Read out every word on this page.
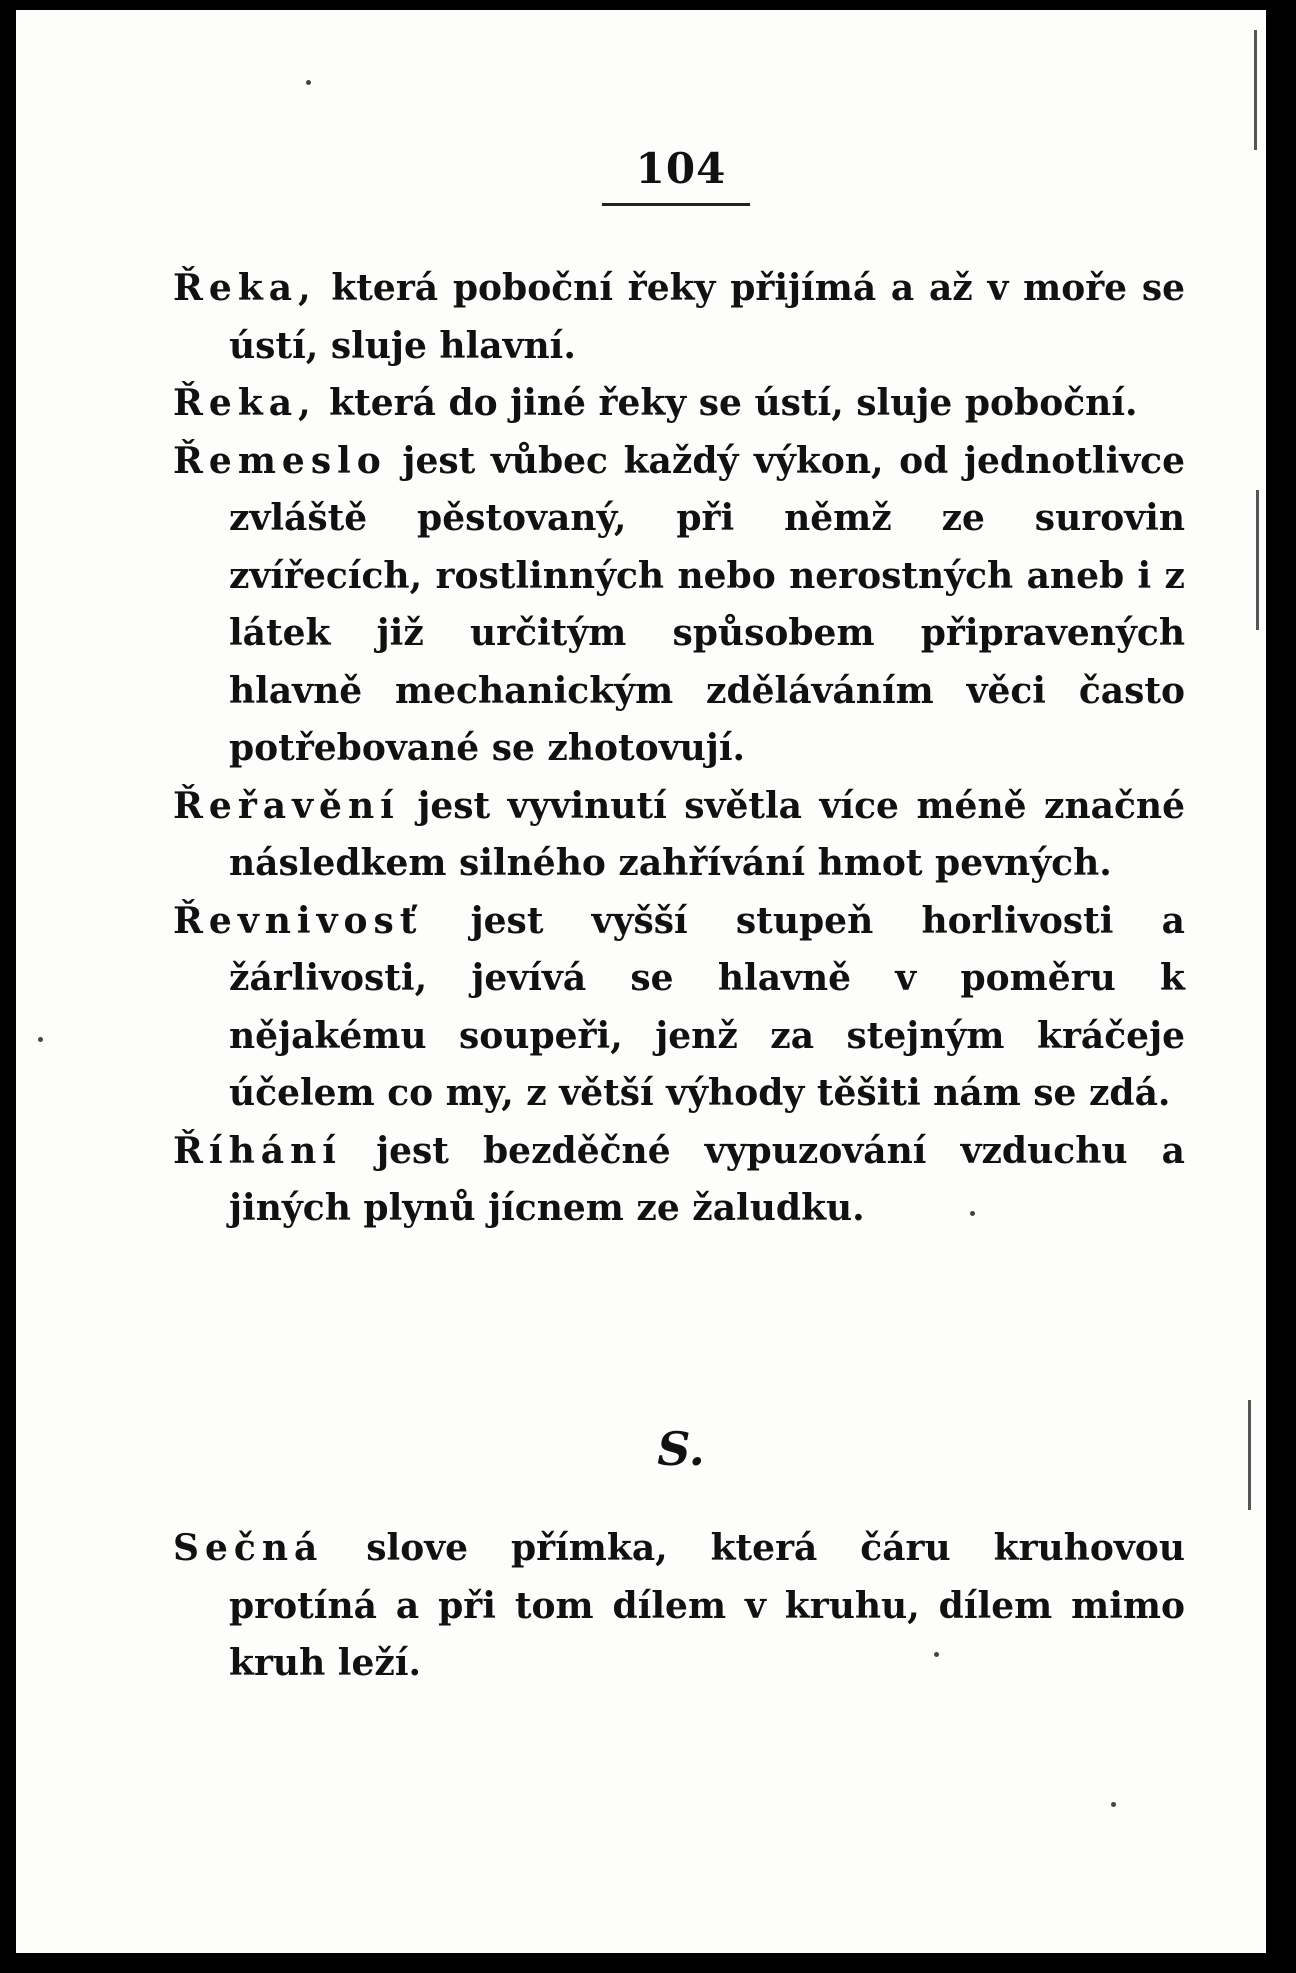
104

Řeka, která poboční řeky přijímá a až v moře se ústí, sluje hlavní.

Řeka, která do jiné řeky se ústí, sluje poboční.

Řemeslo jest vůbec každý výkon, od jednotlivce zvláště pěstovaný, při němž ze surovin zvířecích, rostlinných nebo nerostných aneb i z látek již určitým spůsobem připravených hlavně mechanickým zděláváním věci často potřebované se zhotovují.

Řeřavění jest vyvinutí světla více méně značné následkem silného zahřívání hmot pevných.

Řevnivosť jest vyšší stupeň horlivosti a žárlivosti, jevívá se hlavně v poměru k nějakému soupeři, jenž za stejným kráčeje účelem co my, z větší výhody těšiti nám se zdá.

Říhání jest bezděčné vypuzování vzduchu a jiných plynů jícnem ze žaludku.

S.

Sečná slove přímka, která čáru kruhovou protíná a při tom dílem v kruhu, dílem mimo kruh leží.
